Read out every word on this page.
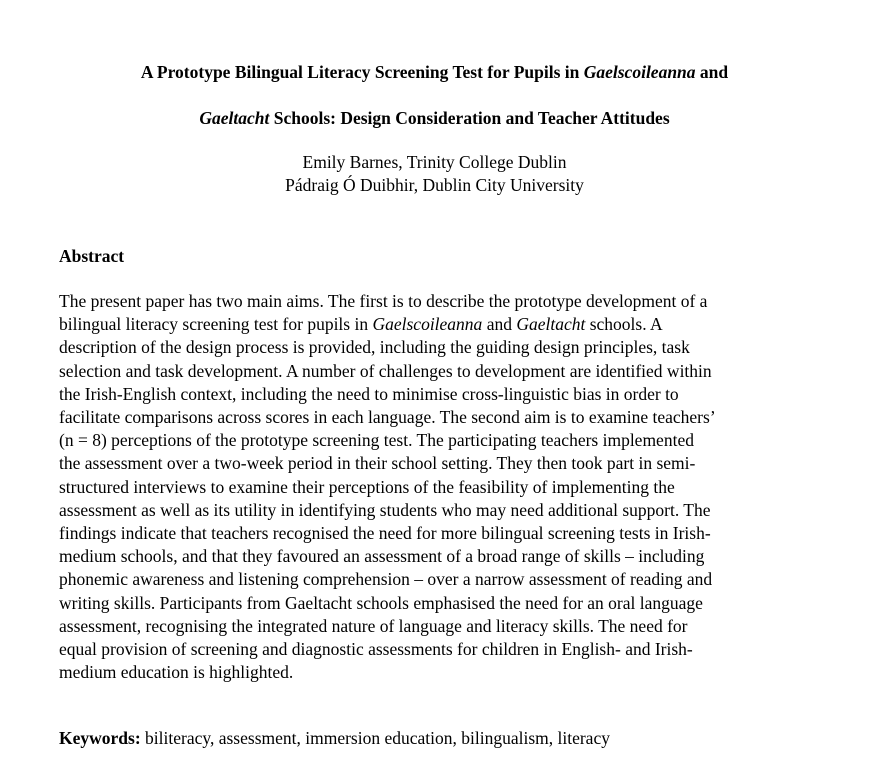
A Prototype Bilingual Literacy Screening Test for Pupils in Gaelscoileanna and
Gaeltacht Schools: Design Consideration and Teacher Attitudes
Emily Barnes, Trinity College Dublin
Pádraig Ó Duibhir, Dublin City University
Abstract
The present paper has two main aims. The first is to describe the prototype development of a
bilingual literacy screening test for pupils in Gaelscoileanna and Gaeltacht schools. A
description of the design process is provided, including the guiding design principles, task
selection and task development. A number of challenges to development are identified within
the Irish-English context, including the need to minimise cross-linguistic bias in order to
facilitate comparisons across scores in each language. The second aim is to examine teachers’
(n = 8) perceptions of the prototype screening test. The participating teachers implemented
the assessment over a two-week period in their school setting. They then took part in semi-
structured interviews to examine their perceptions of the feasibility of implementing the
assessment as well as its utility in identifying students who may need additional support. The
findings indicate that teachers recognised the need for more bilingual screening tests in Irish-
medium schools, and that they favoured an assessment of a broad range of skills – including
phonemic awareness and listening comprehension – over a narrow assessment of reading and
writing skills. Participants from Gaeltacht schools emphasised the need for an oral language
assessment, recognising the integrated nature of language and literacy skills. The need for
equal provision of screening and diagnostic assessments for children in English- and Irish-
medium education is highlighted.
Keywords: biliteracy, assessment, immersion education, bilingualism, literacy
